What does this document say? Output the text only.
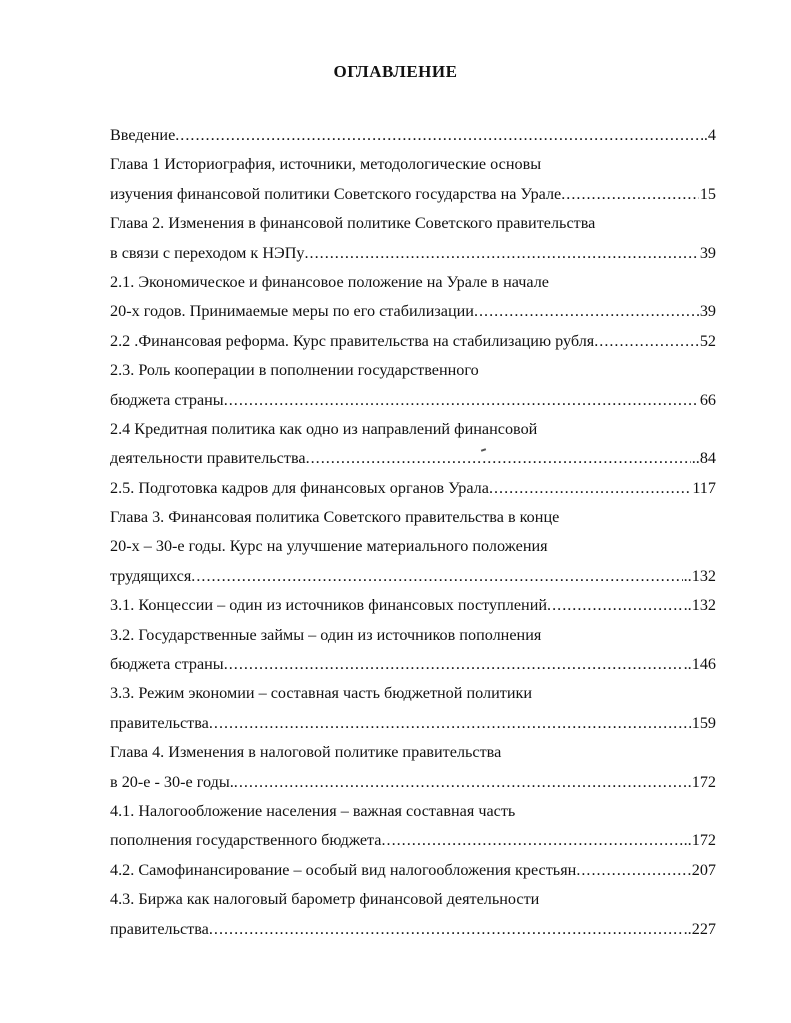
ОГЛАВЛЕНИЕ
Введение .....	.4
Глава 1 Историография, источники, методологические основы
изучения финансовой политики Советского государства на Урале .....	15
Глава 2. Изменения в финансовой политике Советского правительства
в связи с переходом к НЭПу .....	39
2.1. Экономическое и финансовое положение на Урале в начале
20-х годов. Принимаемые меры по его стабилизации .....	39
2.2 .Финансовая реформа. Курс правительства на стабилизацию рубля .....	52
2.3. Роль кооперации в пополнении государственного
бюджета страны .....	66
2.4 Кредитная политика как одно из направлений финансовой
деятельности правительства .....	..84
2.5. Подготовка кадров для финансовых органов Урала .....	117
Глава 3. Финансовая политика Советского правительства в конце
20-х – 30-е годы. Курс на улучшение материального положения
трудящихся .....	..132
3.1. Концессии – один из источников финансовых поступлений .....	..132
3.2. Государственные займы – один из источников пополнения
бюджета страны .....	..146
3.3. Режим экономии – составная часть бюджетной политики
правительства .....	159
Глава 4. Изменения в налоговой политике правительства
в 20-е - 30-е годы. .....	.172
4.1. Налогообложение населения – важная составная часть
пополнения государственного бюджета .....	..172
4.2. Самофинансирование – особый вид налогообложения крестьян .....	207
4.3. Биржа как налоговый барометр финансовой деятельности
правительства .....	..227
